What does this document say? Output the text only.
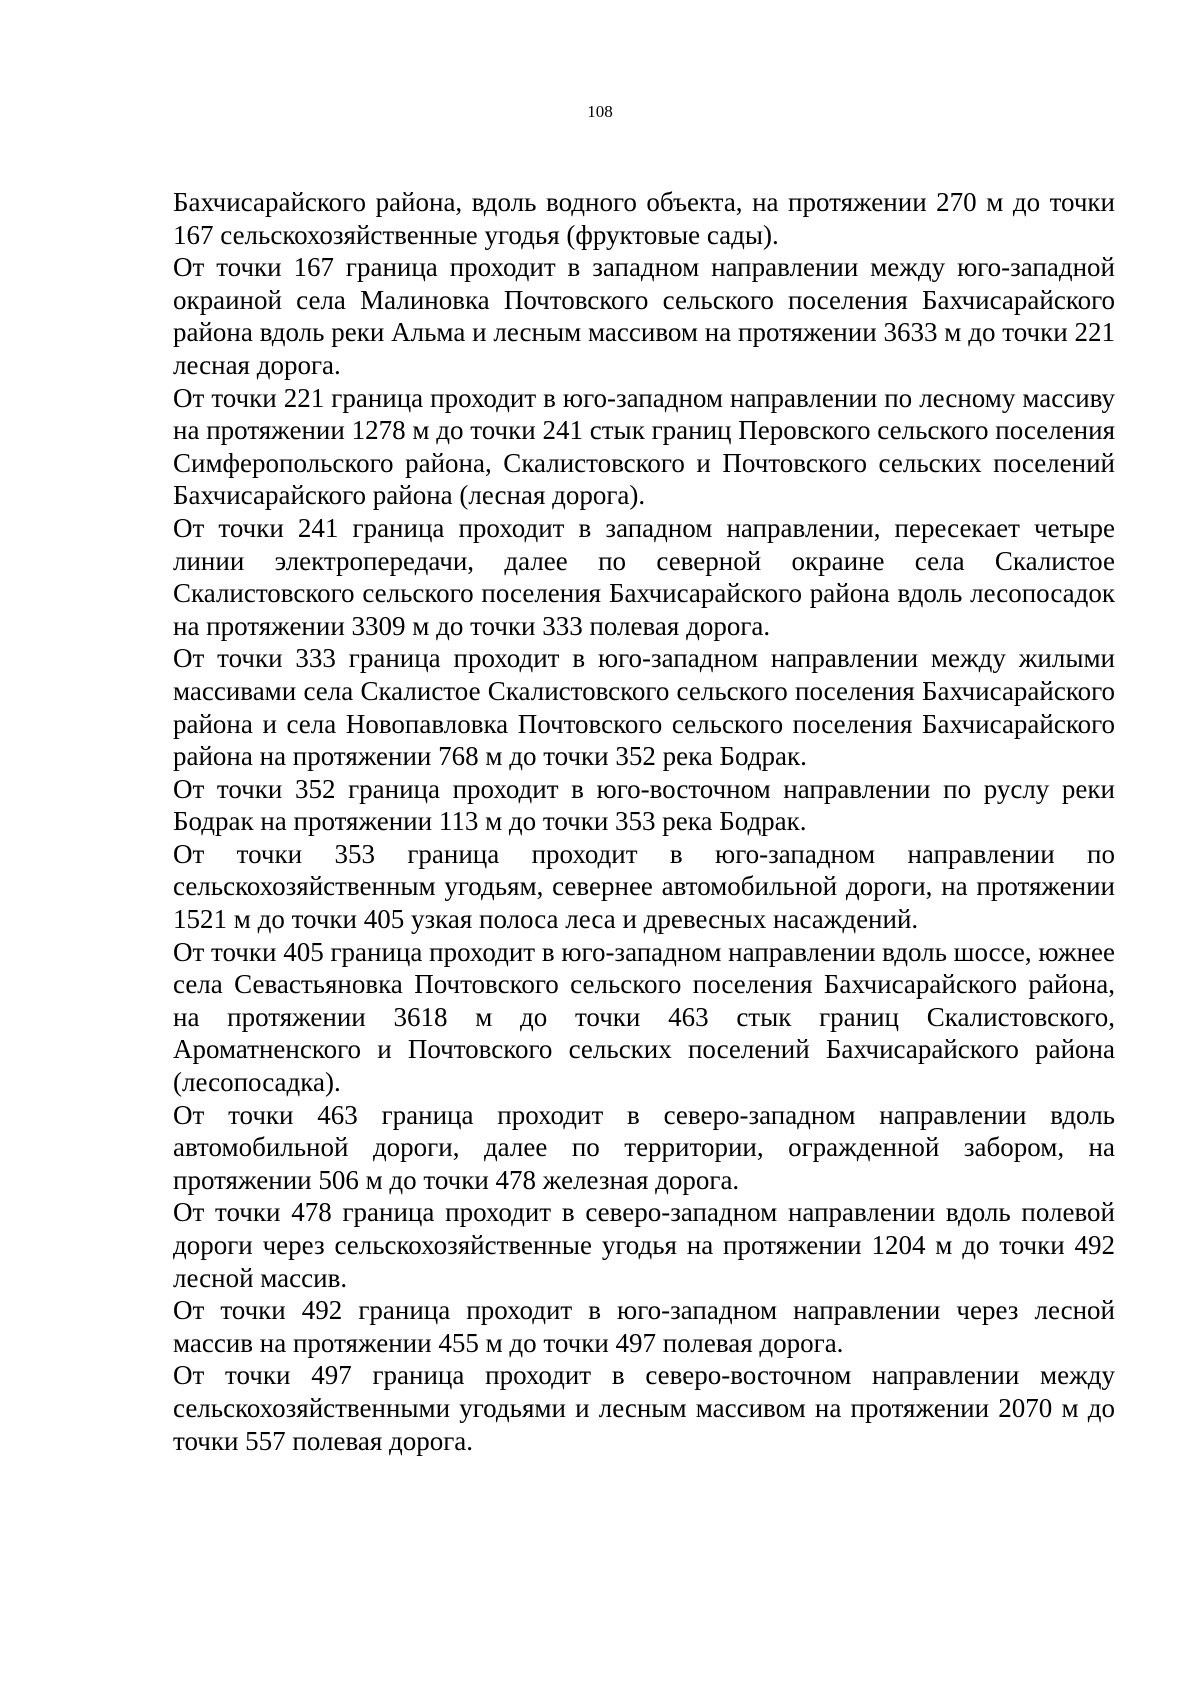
108

Бахчисарайского района, вдоль водного объекта, на протяжении 270 м до точки 167 сельскохозяйственные угодья (фруктовые сады).

От точки 167 граница проходит в западном направлении между юго-западной окраиной села Малиновка Почтовского сельского поселения Бахчисарайского района вдоль реки Альма и лесным массивом на протяжении 3633 м до точки 221 лесная дорога.

От точки 221 граница проходит в юго-западном направлении по лесному массиву на протяжении 1278 м до точки 241 стык границ Перовского сельского поселения Симферопольского района, Скалистовского и Почтовского сельских поселений Бахчисарайского района (лесная дорога).

От точки 241 граница проходит в западном направлении, пересекает четыре линии электропередачи, далее по северной окраине села Скалистое Скалистовского сельского поселения Бахчисарайского района вдоль лесопосадок на протяжении 3309 м до точки 333 полевая дорога.

От точки 333 граница проходит в юго-западном направлении между жилыми массивами села Скалистое Скалистовского сельского поселения Бахчисарайского района и села Новопавловка Почтовского сельского поселения Бахчисарайского района на протяжении 768 м до точки 352 река Бодрак.

От точки 352 граница проходит в юго-восточном направлении по руслу реки Бодрак на протяжении 113 м до точки 353 река Бодрак.

От точки 353 граница проходит в юго-западном направлении по сельскохозяйственным угодьям, севернее автомобильной дороги, на протяжении 1521 м до точки 405 узкая полоса леса и древесных насаждений.

От точки 405 граница проходит в юго-западном направлении вдоль шоссе, южнее села Севастьяновка Почтовского сельского поселения Бахчисарайского района, на протяжении 3618 м до точки 463 стык границ Скалистовского, Ароматненского и Почтовского сельских поселений Бахчисарайского района (лесопосадка).

От точки 463 граница проходит в северо-западном направлении вдоль автомобильной дороги, далее по территории, огражденной забором, на протяжении 506 м до точки 478 железная дорога.

От точки 478 граница проходит в северо-западном направлении вдоль полевой дороги через сельскохозяйственные угодья на протяжении 1204 м до точки 492 лесной массив.

От точки 492 граница проходит в юго-западном направлении через лесной массив на протяжении 455 м до точки 497 полевая дорога.

От точки 497 граница проходит в северо-восточном направлении между сельскохозяйственными угодьями и лесным массивом на протяжении 2070 м до точки 557 полевая дорога.
